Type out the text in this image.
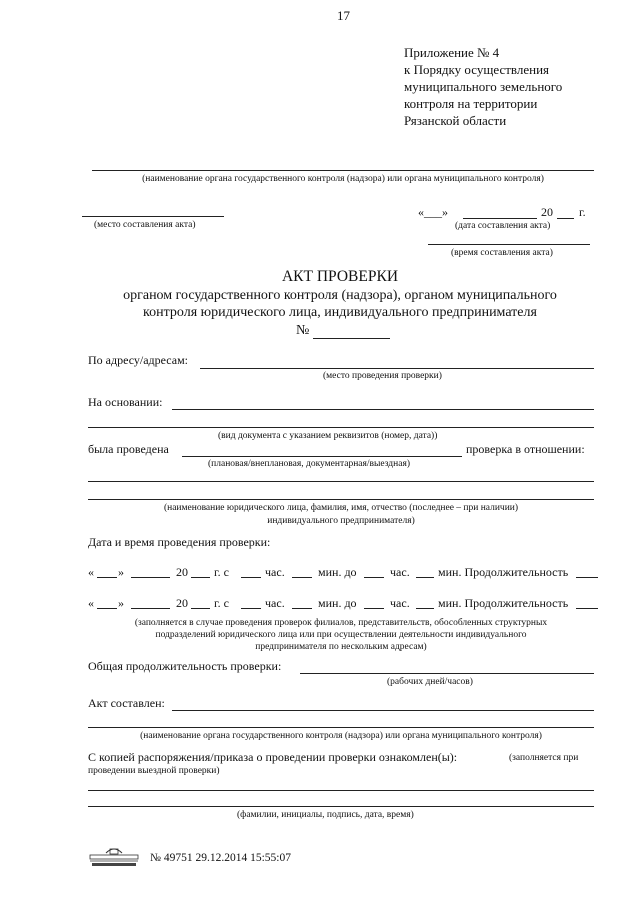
17
Приложение № 4
к Порядку осуществления
муниципального земельного
контроля на территории
Рязанской области
(наименование органа государственного контроля (надзора) или органа муниципального контроля)
(место составления акта)
«___»	20 г.
(дата составления акта)
(время составления акта)
АКТ ПРОВЕРКИ
органом государственного контроля (надзора), органом муниципального
контроля юридического лица, индивидуального предпринимателя
№
По адресу/адресам:
(место проведения проверки)
На основании:
(вид документа с указанием реквизитов (номер, дата))
была проведена	проверка в отношении:
(плановая/внеплановая, документарная/выездная)
(наименование юридического лица, фамилия, имя, отчество (последнее – при наличии)
индивидуального предпринимателя)
Дата и время проведения проверки:
« »	20 г. с	час.	мин. до	час. мин. Продолжительность
« »	20 г. с	час.	мин. до	час. мин. Продолжительность
(заполняется в случае проведения проверок филиалов, представительств, обособленных структурных
подразделений юридического лица или при осуществлении деятельности индивидуального
предпринимателя по нескольким адресам)
Общая продолжительность проверки:
(рабочих дней/часов)
Акт составлен:
(наименование органа государственного контроля (надзора) или органа муниципального контроля)
С копией распоряжения/приказа о проведении проверки ознакомлен(ы):	(заполняется при
проведении выездной проверки)
(фамилии, инициалы, подпись, дата, время)
№ 49751 29.12.2014 15:55:07
